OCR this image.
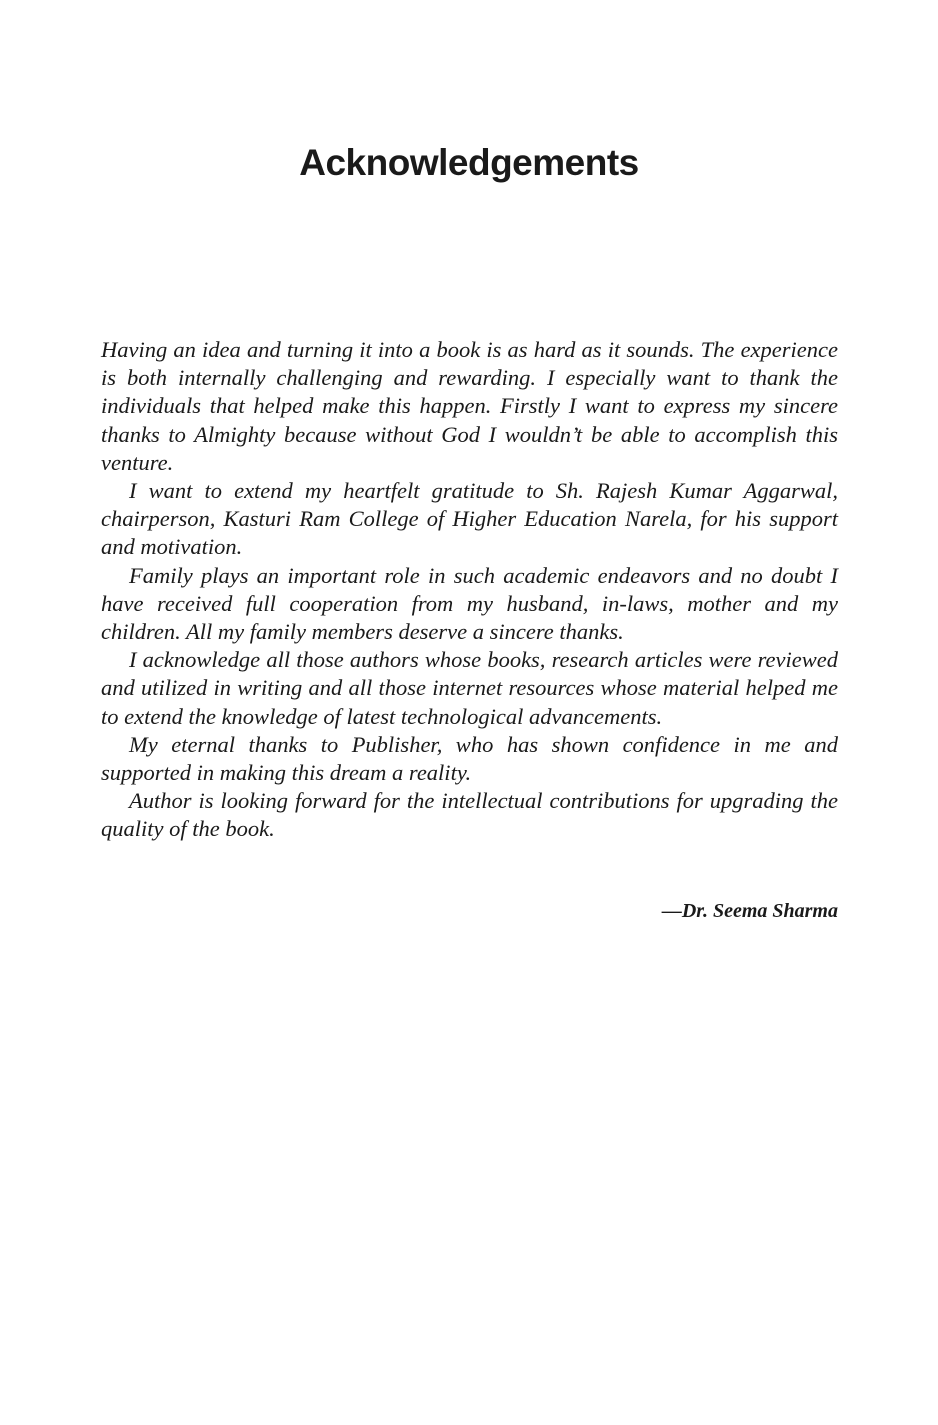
Acknowledgements

Having an idea and turning it into a book is as hard as it sounds. The experience is both internally challenging and rewarding. I especially want to thank the individuals that helped make this happen. Firstly I want to express my sincere thanks to Almighty because without God I wouldn’t be able to accomplish this venture.

I want to extend my heartfelt gratitude to Sh. Rajesh Kumar Aggarwal, chairperson, Kasturi Ram College of Higher Education Narela, for his support and motivation.

Family plays an important role in such academic endeavors and no doubt I have received full cooperation from my husband, in-laws, mother and my children. All my family members deserve a sincere thanks.

I acknowledge all those authors whose books, research articles were reviewed and utilized in writing and all those internet resources whose material helped me to extend the knowledge of latest technological advancements.

My eternal thanks to Publisher, who has shown confidence in me and supported in making this dream a reality.

Author is looking forward for the intellectual contributions for upgrading the quality of the book.

—Dr. Seema Sharma
